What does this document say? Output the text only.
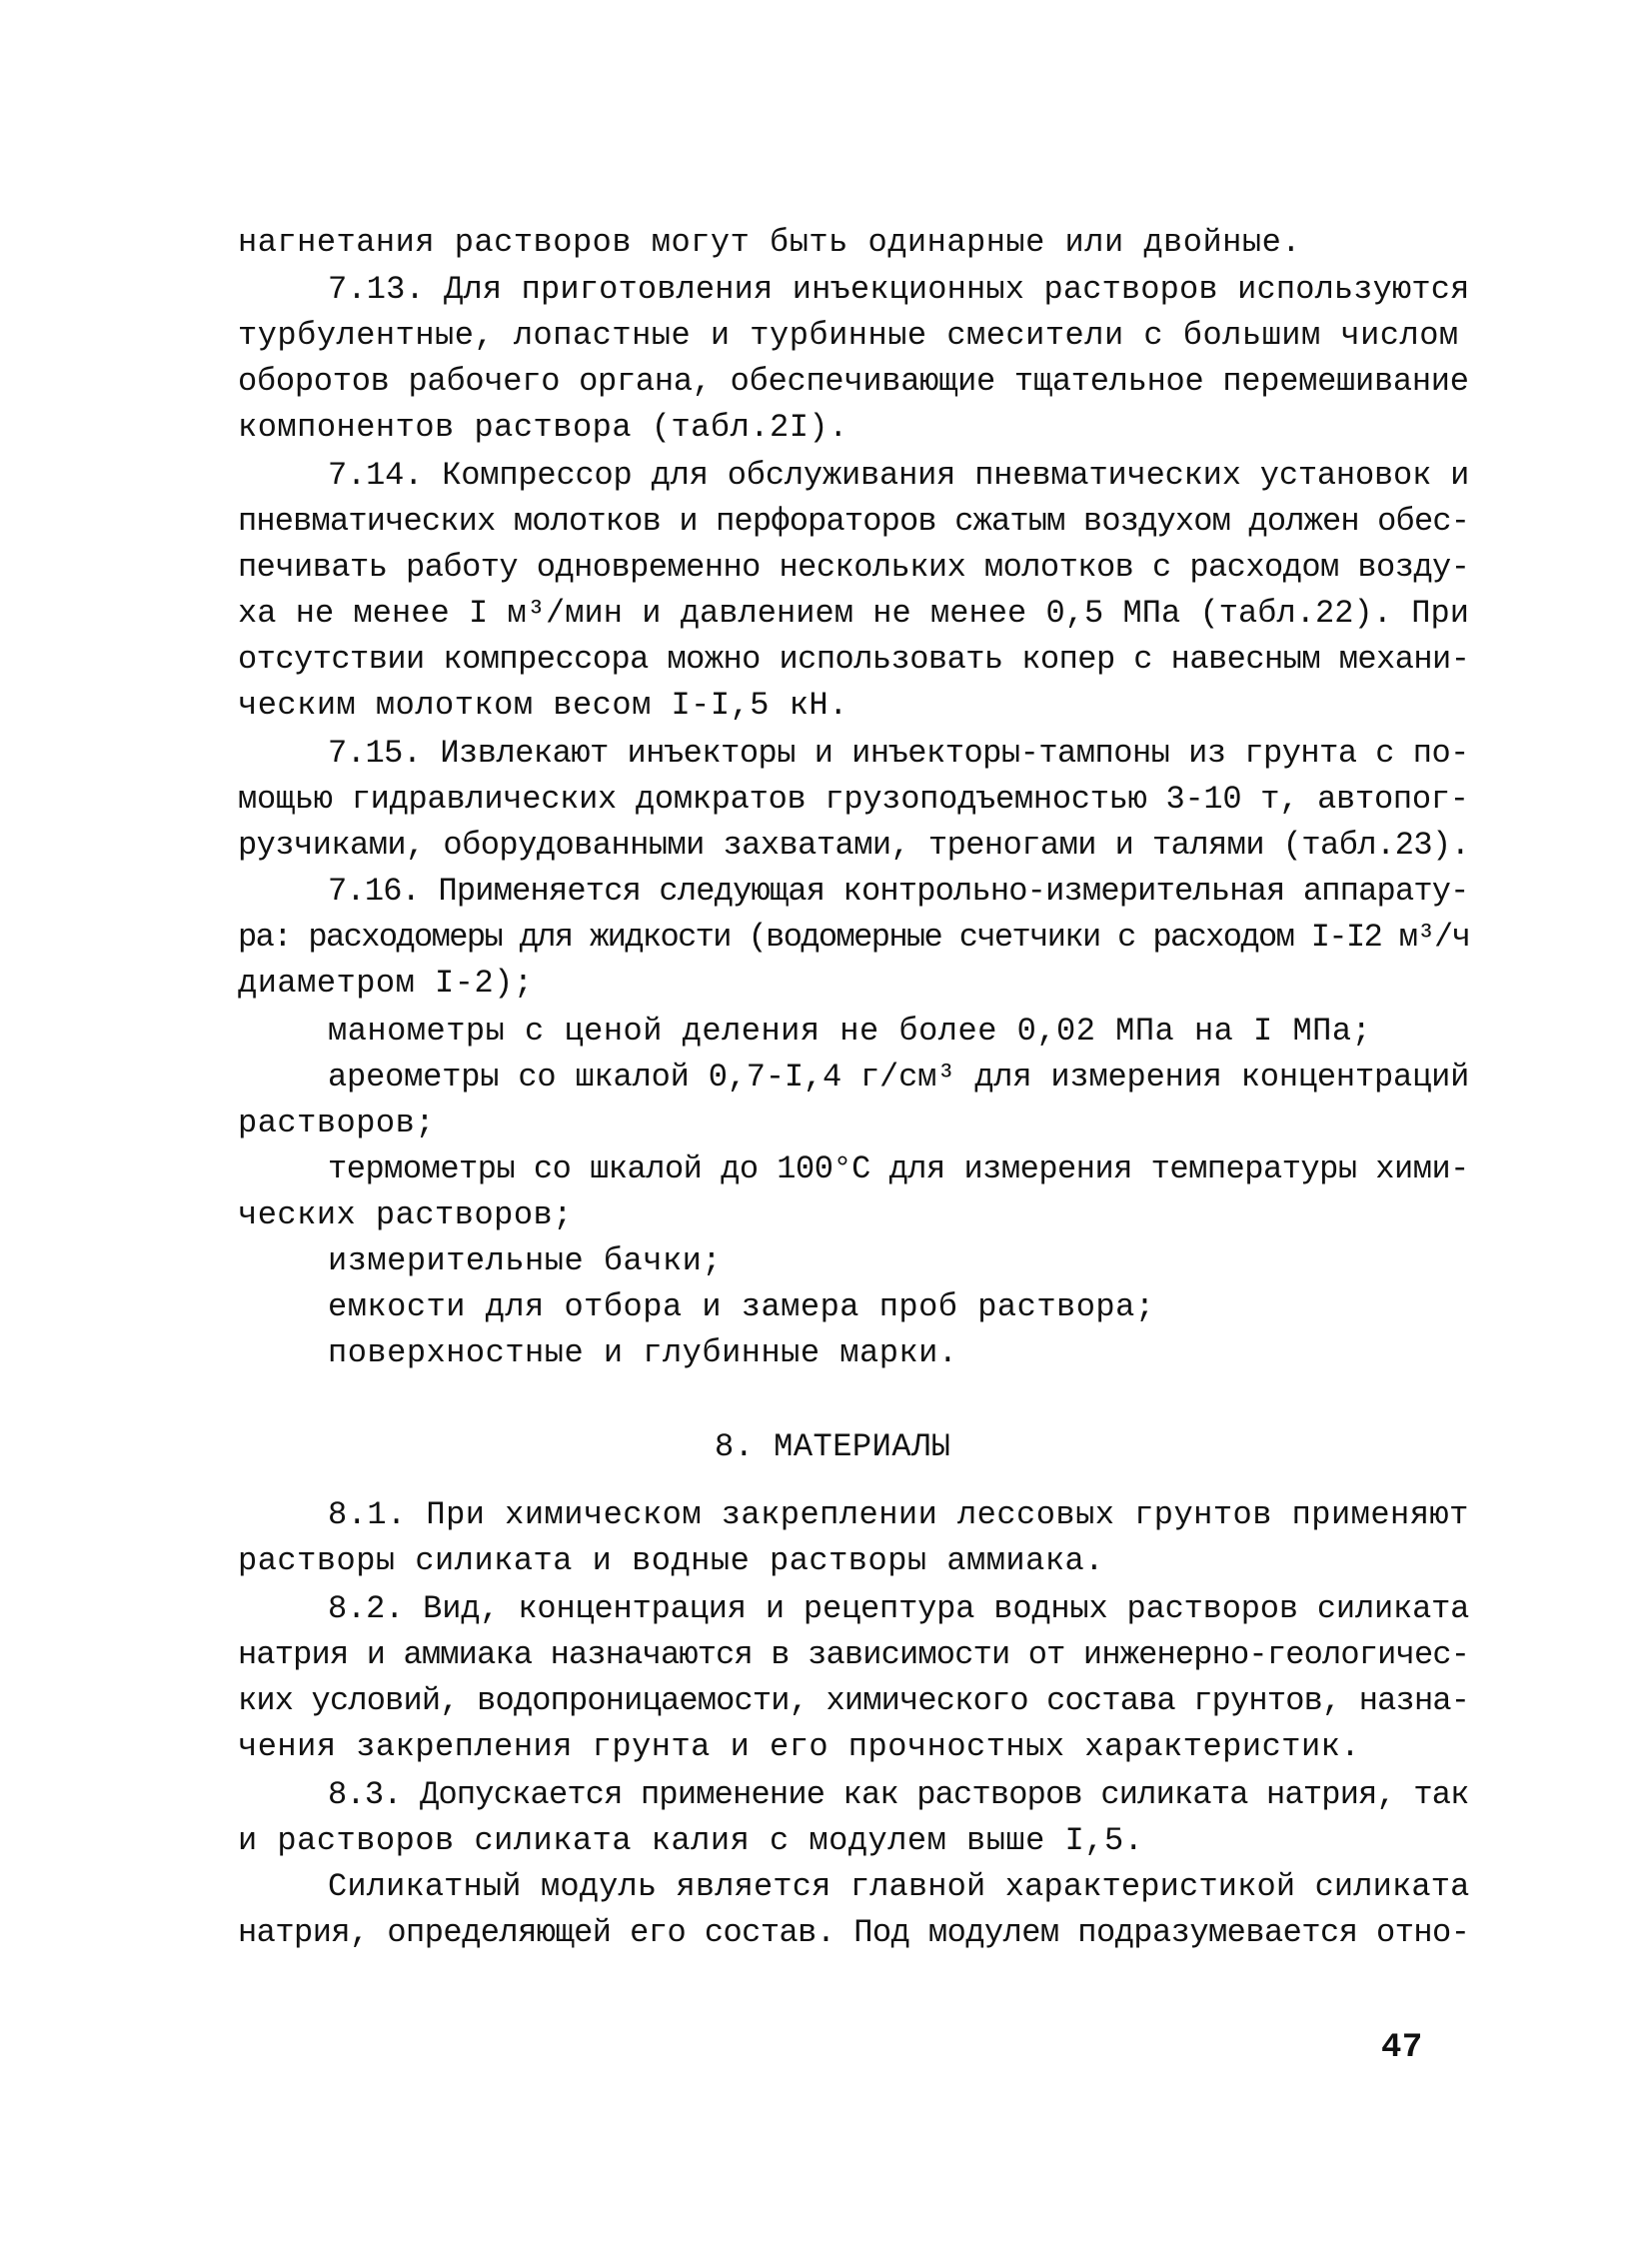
нагнетания растворов могут быть одинарные или двойные.
7.13. Для приготовления инъекционных растворов используются
турбулентные, лопастные и турбинные смесители с большим числом
оборотов рабочего органа, обеспечивающие тщательное перемешивание
компонентов раствора (табл.2I).
7.14. Компрессор для обслуживания пневматических установок и
пневматических молотков и перфораторов сжатым воздухом должен обес-
печивать работу одновременно нескольких молотков с расходом возду-
ха не менее I м³/мин и давлением не менее 0,5 МПа (табл.22). При
отсутствии компрессора можно использовать копер с навесным механи-
ческим молотком весом I-I,5 кН.
7.15. Извлекают инъекторы и инъекторы-тампоны из грунта с по-
мощью гидравлических домкратов грузоподъемностью 3-10 т, автопог-
рузчиками, оборудованными захватами, треногами и талями (табл.23).
7.16. Применяется следующая контрольно-измерительная аппарату-
ра: расходомеры для жидкости (водомерные счетчики с расходом I-I2 м³/ч
диаметром I-2);
манометры с ценой деления не более 0,02 МПа на I МПа;
ареометры со шкалой 0,7-I,4 г/см³ для измерения концентраций
растворов;
термометры со шкалой до 100°С для измерения температуры хими-
ческих растворов;
измерительные бачки;
емкости для отбора и замера проб раствора;
поверхностные и глубинные марки.
8. МАТЕРИАЛЫ
8.1. При химическом закреплении лессовых грунтов применяют
растворы силиката и водные растворы аммиака.
8.2. Вид, концентрация и рецептура водных растворов силиката
натрия и аммиака назначаются в зависимости от инженерно-геологичес-
ких условий, водопроницаемости, химического состава грунтов, назна-
чения закрепления грунта и его прочностных характеристик.
8.3. Допускается применение как растворов силиката натрия, так
и растворов силиката калия с модулем выше I,5.
Силикатный модуль является главной характеристикой силиката
натрия, определяющей его состав. Под модулем подразумевается отно-
47
